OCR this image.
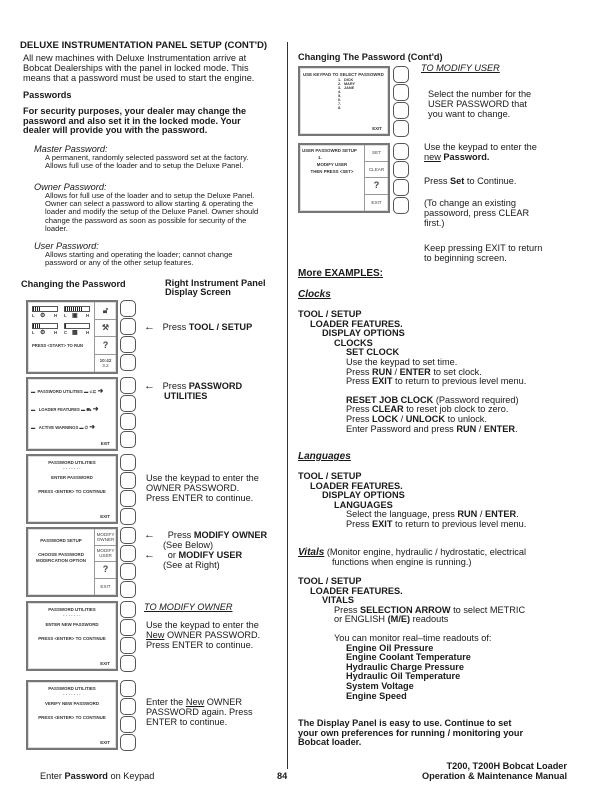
DELUXE INSTRUMENTATION PANEL SETUP (CONT'D)
All new machines with Deluxe Instrumentation arrive at
Bobcat Dealerships with the panel in locked mode. This
means that a password must be used to start the engine.
Passwords
For security purposes, your dealer may change the
password and also set it in the locked mode. Your
dealer will provide you with the password.
Master Password:
A permanent, randomly selected password set at the factory.
Allows full use of the loader and to setup the Deluxe Panel.
Owner Password:
Allows for full use of the loader and to setup the Deluxe Panel.
Owner can select a password to allow starting & operating the
loader and modify the setup of the Deluxe Panel. Owner should
change the password as soon as possible for security of the
loader.
User Password:
Allows starting and operating the loader; cannot change
password or any of the other setup features.
Changing the Password	Right Instrument Panel
Display Screen
L ⚙ H L ▣ H
L ⚙ H C ▦ H
PRESS <START> TO RUN
🔓︎
⚒
?
10:42
3.2
← Press TOOL / SETUP
▬  PASSWORD UTILITIES ▬ ⊂⊏ ➜
▬   LOADER FEATURES ▬ ⛟ ➜
▬   ACTIVE WARNINGS ▬ ⏻ ➜
EXIT
← Press PASSWORD
UTILITIES
PASSWORD UTILITIES
· · · · · · ·
ENTER PASSWORD
PRESS <ENTER> TO CONTINUE
EXIT
Use the keypad to enter the
OWNER PASSWORD.
Press ENTER to continue.
PASSWORD SETUP
CHOOSE PASSWORD
MODIFICATION OPTION
MODIFY OWNER
MODIFY USER
?
EXIT
← Press MODIFY OWNER
(See Below)
← or MODIFY USER
(See at Right)
PASSWORD UTILITIES
· · · · · · ·
ENTER NEW PASSWORD
PRESS <ENTER> TO CONTINUE
EXIT
TO MODIFY OWNER
Use the keypad to enter the
New OWNER PASSWORD.
Press ENTER to continue.
PASSWORD UTILITIES
· · · · · · ·
VERIFY NEW PASSWORD
PRESS <ENTER> TO CONTINUE
EXIT
Enter the New OWNER
PASSWORD again. Press
ENTER to continue.
Changing The Password (Cont'd)
USE KEYPAD TO SELECT PASSOWRD
1.
2.
3.
4.
5.
6.
7.
8.
DICK
MARY
JANE
EXIT
TO MODIFY USER
Select the number for the
USER PASSWORD that
you want to change.
USER PASSOWRD SETUP
1.
MODIFY USER
THEN PRESS <SET>
SET
CLEAR
?
EXIT
Use the keypad to enter the
new Password.
Press Set to Continue.
(To change an existing
passoword, press CLEAR
first.)
Keep pressing EXIT to return
to beginning screen.
More EXAMPLES:
Clocks
TOOL / SETUP
LOADER FEATURES.
DISPLAY OPTIONS
CLOCKS
SET CLOCK
Use the keypad to set time.
Press RUN / ENTER to set clock.
Press EXIT to return to previous level menu.
RESET JOB CLOCK (Password required)
Press CLEAR to reset job clock to zero.
Press LOCK / UNLOCK to unlock.
Enter Password and press RUN / ENTER.
Languages
TOOL / SETUP
LOADER FEATURES.
DISPLAY OPTIONS
LANGUAGES
Select the language, press RUN / ENTER.
Press EXIT to return to previous level menu.
Vitals (Monitor engine, hydraulic / hydrostatic, electrical
functions when engine is running.)
TOOL / SETUP
LOADER FEATURES.
VITALS
Press SELECTION ARROW to select METRIC
or ENGLISH (M/E) readouts
You can monitor real–time readouts of:
Engine Oil Pressure
Engine Coolant Temperature
Hydraulic Charge Pressure
Hydraulic Oil Temperature
System Voltage
Engine Speed
The Display Panel is easy to use. Continue to set
your own preferences for running / monitoring your
Bobcat loader.
Enter Password on Keypad	84
T200, T200H Bobcat Loader
Operation & Maintenance Manual
